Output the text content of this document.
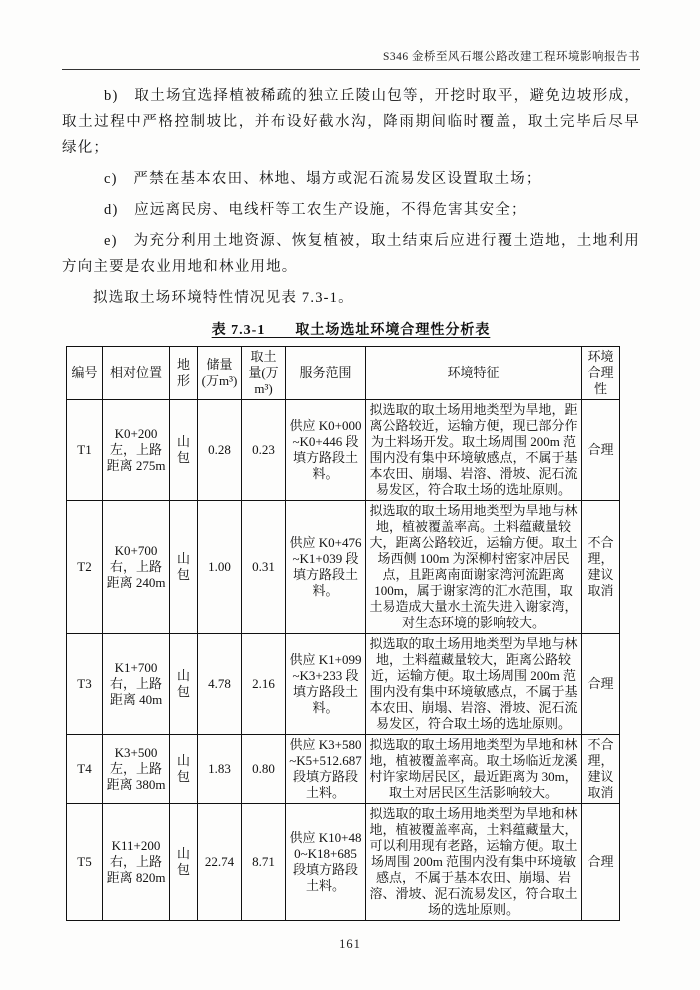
S346 金桥至风石堰公路改建工程环境影响报告书

b)　取土场宜选择植被稀疏的独立丘陵山包等，开挖时取平，避免边坡形成，取土过程中严格控制坡比，并布设好截水沟，降雨期间临时覆盖，取土完毕后尽早绿化；

c)　严禁在基本农田、林地、塌方或泥石流易发区设置取土场；

d)　应远离民房、电线杆等工农生产设施，不得危害其安全；

e)　为充分利用土地资源、恢复植被，取土结束后应进行覆土造地，土地利用方向主要是农业用地和林业用地。

拟选取土场环境特性情况见表 7.3-1。

表 7.3-1　　取土场选址环境合理性分析表
编号	相对位置	地形	储量(万m³)	取土量(万m³)	服务范围	环境特征	环境合理性
T1	K0+200 左，上路距离 275m	山包	0.28	0.23	供应 K0+000~K0+446 段填方路段土料。	拟选取的取土场用地类型为旱地，距离公路较近，运输方便，现已部分作为土料场开发。取土场周围 200m 范围内没有集中环境敏感点，不属于基本农田、崩塌、岩溶、滑坡、泥石流易发区，符合取土场的选址原则。	合理
T2	K0+700 右，上路距离 240m	山包	1.00	0.31	供应 K0+476~K1+039 段填方路段土料。	拟选取的取土场用地类型为旱地与林地，植被覆盖率高。土料蕴藏量较大，距离公路较近，运输方便。取土场西侧 100m 为深柳村密家冲居民点，且距离南面谢家湾河流距离 100m，属于谢家湾的汇水范围，取土易造成大量水土流失进入谢家湾，对生态环境的影响较大。	不合理，建议取消
T3	K1+700 右，上路距离 40m	山包	4.78	2.16	供应 K1+099~K3+233 段填方路段土料。	拟选取的取土场用地类型为旱地与林地，土料蕴藏量较大，距离公路较近，运输方便。取土场周围 200m 范围内没有集中环境敏感点，不属于基本农田、崩塌、岩溶、滑坡、泥石流易发区，符合取土场的选址原则。	合理
T4	K3+500 左，上路距离 380m	山包	1.83	0.80	供应 K3+580~K5+512.687 段填方路段土料。	拟选取的取土场用地类型为旱地和林地，植被覆盖率高。取土场临近龙溪村许家坳居民区，最近距离为 30m，取土对居民区生活影响较大。	不合理，建议取消
T5	K11+200 右，上路距离 820m	山包	22.74	8.71	供应 K10+480~K18+685 段填方路段土料。	拟选取的取土场用地类型为旱地和林地，植被覆盖率高，土料蕴藏量大，可以利用现有老路，运输方便。取土场周围 200m 范围内没有集中环境敏感点，不属于基本农田、崩塌、岩溶、滑坡、泥石流易发区，符合取土场的选址原则。	合理
161
